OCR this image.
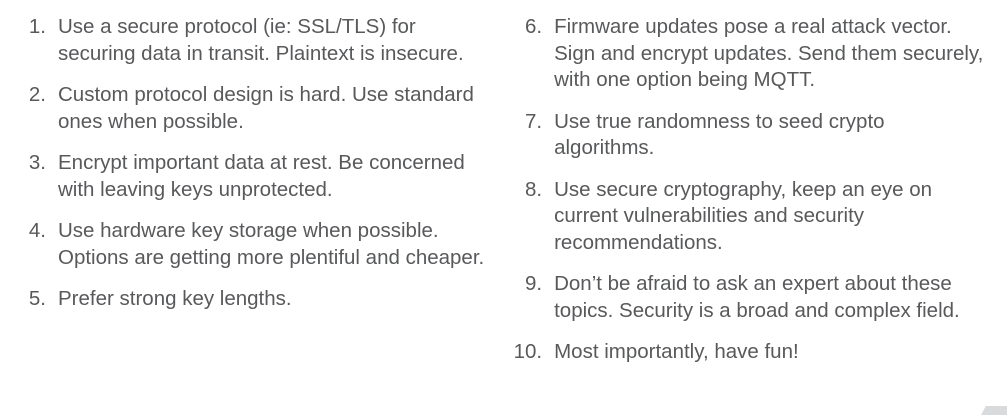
1. Use a secure protocol (ie: SSL/TLS) for securing data in transit. Plaintext is insecure.
2. Custom protocol design is hard. Use standard ones when possible.
3. Encrypt important data at rest. Be concerned with leaving keys unprotected.
4. Use hardware key storage when possible. Options are getting more plentiful and cheaper.
5. Prefer strong key lengths.
6. Firmware updates pose a real attack vector. Sign and encrypt updates. Send them securely, with one option being MQTT.
7. Use true randomness to seed crypto algorithms.
8. Use secure cryptography, keep an eye on current vulnerabilities and security recommendations.
9. Don’t be afraid to ask an expert about these topics. Security is a broad and complex field.
10. Most importantly, have fun!
